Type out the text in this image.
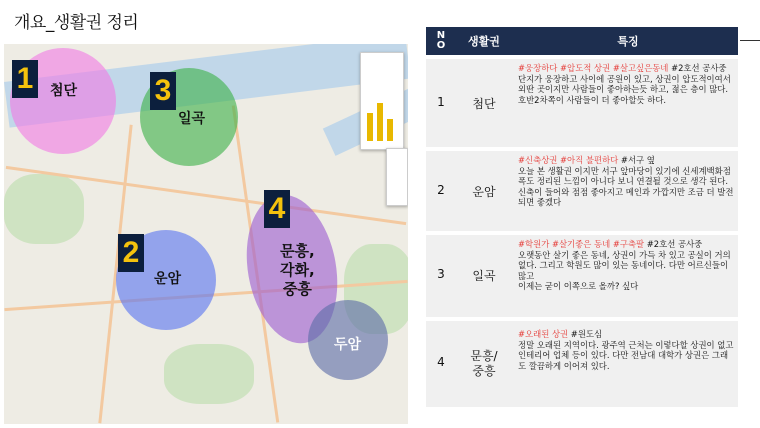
개요_생활권 정리
1	3
2
4
첨단
일곡
운암
문흥,
각화,
중흥
두암
N
O	생활권	특징
1	첨단
#웅장하다 #압도적 상권 #살고싶은동네 #2호선 공사중
단지가 웅장하고 사이에 공원이 있고, 상권이 압도적이여서
외딴 곳이지만 사람들이 좋아하는듯 하고, 젊은 층이 많다.
호반2차쪽이 사람들이 더 좋아할듯 하다.
2	운암
#신축상권 #아직 불편하다 #서구 옆
오늘 본 생활권 이지만 서구 앞마당이 있기에 신세계백화점 폭도 정리된 느낌이 아니다 보니 연결될 것으로 생각 된다.
신축이 들어와 점점 좋아지고 메인과 가깝지만 조금 더 발전되면 좋겠다
3	일곡
#학원가 #살기좋은 동네 #구축팔 #2호선 공사중
오랫동안 살기 좋은 동네, 상권이 가득 차 있고 공실이 거의 없다. 그리고 학원도 많이 있는 동네이다. 다만 어르신들이 많고
이제는 굳이 이쪽으로 올까? 싶다
4	문흥/
중흥
#오래된 상권 #원도심
정말 오래된 지역이다. 광주역 근처는 이렇다할 상권이 없고
인테리어 업체 등이 있다. 다만 전남대 대학가 상권은 그래도 깔끔하게 이어져 있다.
